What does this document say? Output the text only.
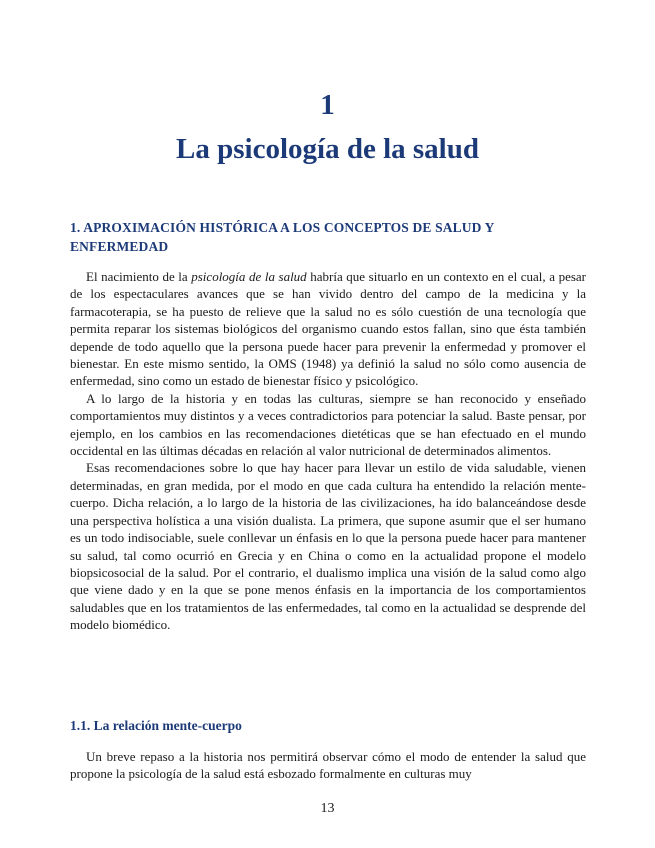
1
La psicología de la salud
1. APROXIMACIÓN HISTÓRICA A LOS CONCEPTOS DE SALUD Y ENFERMEDAD

El nacimiento de la psicología de la salud habría que situarlo en un contexto en el cual, a pesar de los espectaculares avances que se han vivido dentro del campo de la medicina y la farmacoterapia, se ha puesto de relieve que la salud no es sólo cuestión de una tecnología que permita reparar los sistemas biológicos del organismo cuando estos fallan, sino que ésta también depende de todo aquello que la persona puede hacer para prevenir la enfermedad y promover el bienestar. En este mismo sentido, la OMS (1948) ya definió la salud no sólo como ausencia de enfermedad, sino como un estado de bienestar físico y psicológico.

A lo largo de la historia y en todas las culturas, siempre se han reconocido y enseñado comportamientos muy distintos y a veces contradictorios para potenciar la salud. Baste pensar, por ejemplo, en los cambios en las recomendaciones dietéticas que se han efectuado en el mundo occidental en las últimas décadas en relación al valor nutricional de determinados alimentos.

Esas recomendaciones sobre lo que hay hacer para llevar un estilo de vida saludable, vienen determinadas, en gran medida, por el modo en que cada cultura ha entendido la relación mente-cuerpo. Dicha relación, a lo largo de la historia de las civilizaciones, ha ido balanceándose desde una perspectiva holística a una visión dualista. La primera, que supone asumir que el ser humano es un todo indisociable, suele conllevar un énfasis en lo que la persona puede hacer para mantener su salud, tal como ocurrió en Grecia y en China o como en la actualidad propone el modelo biopsicosocial de la salud. Por el contrario, el dualismo implica una visión de la salud como algo que viene dado y en la que se pone menos énfasis en la importancia de los comportamientos saludables que en los tratamientos de las enfermedades, tal como en la actualidad se desprende del modelo biomédico.

1.1. La relación mente-cuerpo

Un breve repaso a la historia nos permitirá observar cómo el modo de entender la salud que propone la psicología de la salud está esbozado formalmente en culturas muy

13
